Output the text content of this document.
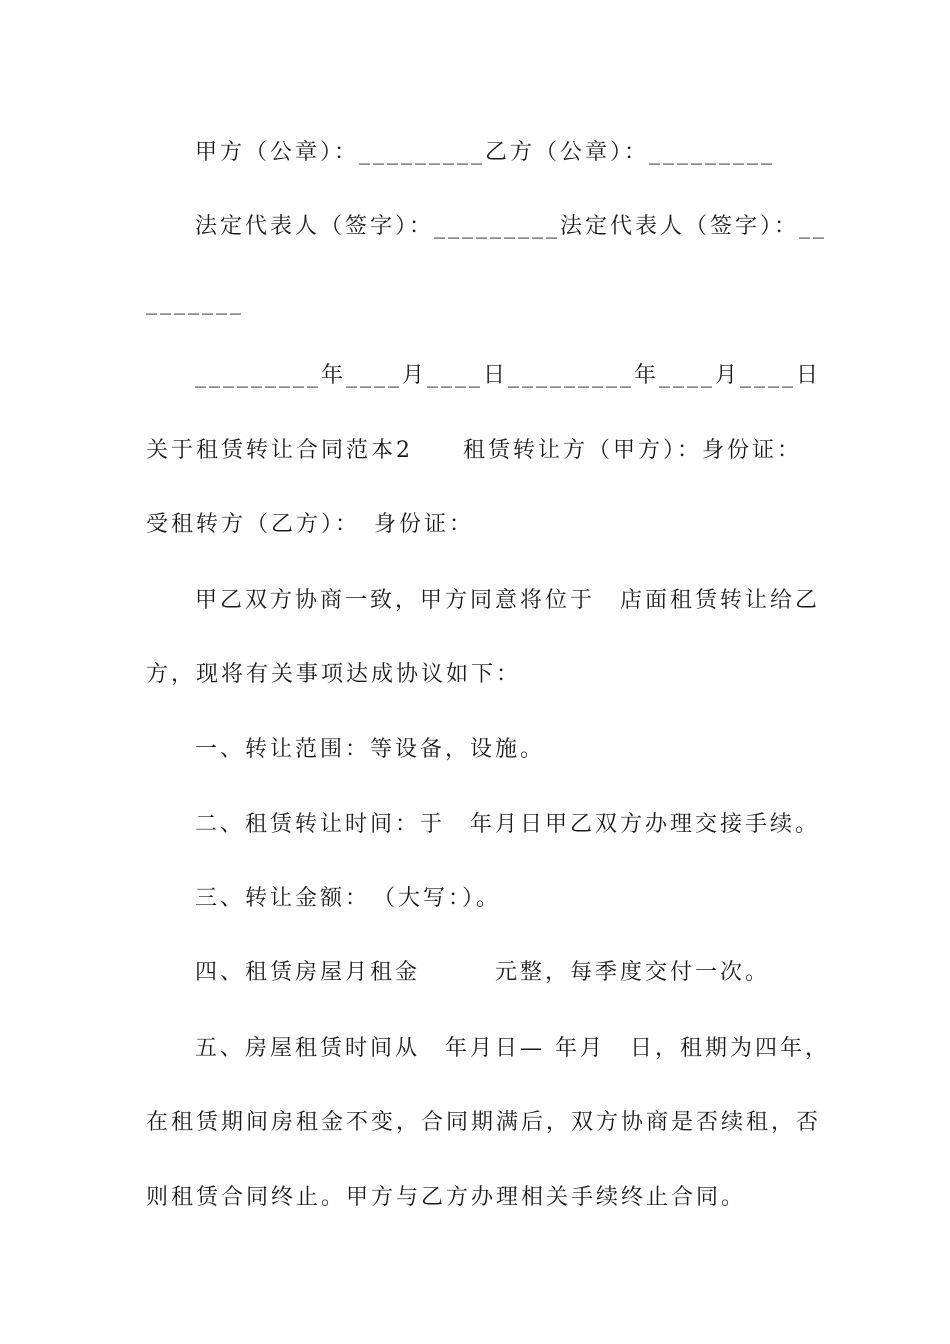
甲方（公章）：_________乙方（公章）：_________
法定代表人（签字）：_________法定代表人（签字）：__
_______
_________年____月____日_________年____月____日
关于租赁转让合同范本2　　租赁转让方（甲方）：身份证：
受租转方（乙方）：　身份证：
甲乙双方协商一致，甲方同意将位于　店面租赁转让给乙
方，现将有关事项达成协议如下：
一、转让范围：等设备，设施。
二、租赁转让时间：于　年月日甲乙双方办理交接手续。
三、转让金额：　（大写：）。
四、租赁房屋月租金　　　元整，每季度交付一次。
五、房屋租赁时间从　年月日— 年月　日，租期为四年，
在租赁期间房租金不变，合同期满后，双方协商是否续租，否
则租赁合同终止。甲方与乙方办理相关手续终止合同。
